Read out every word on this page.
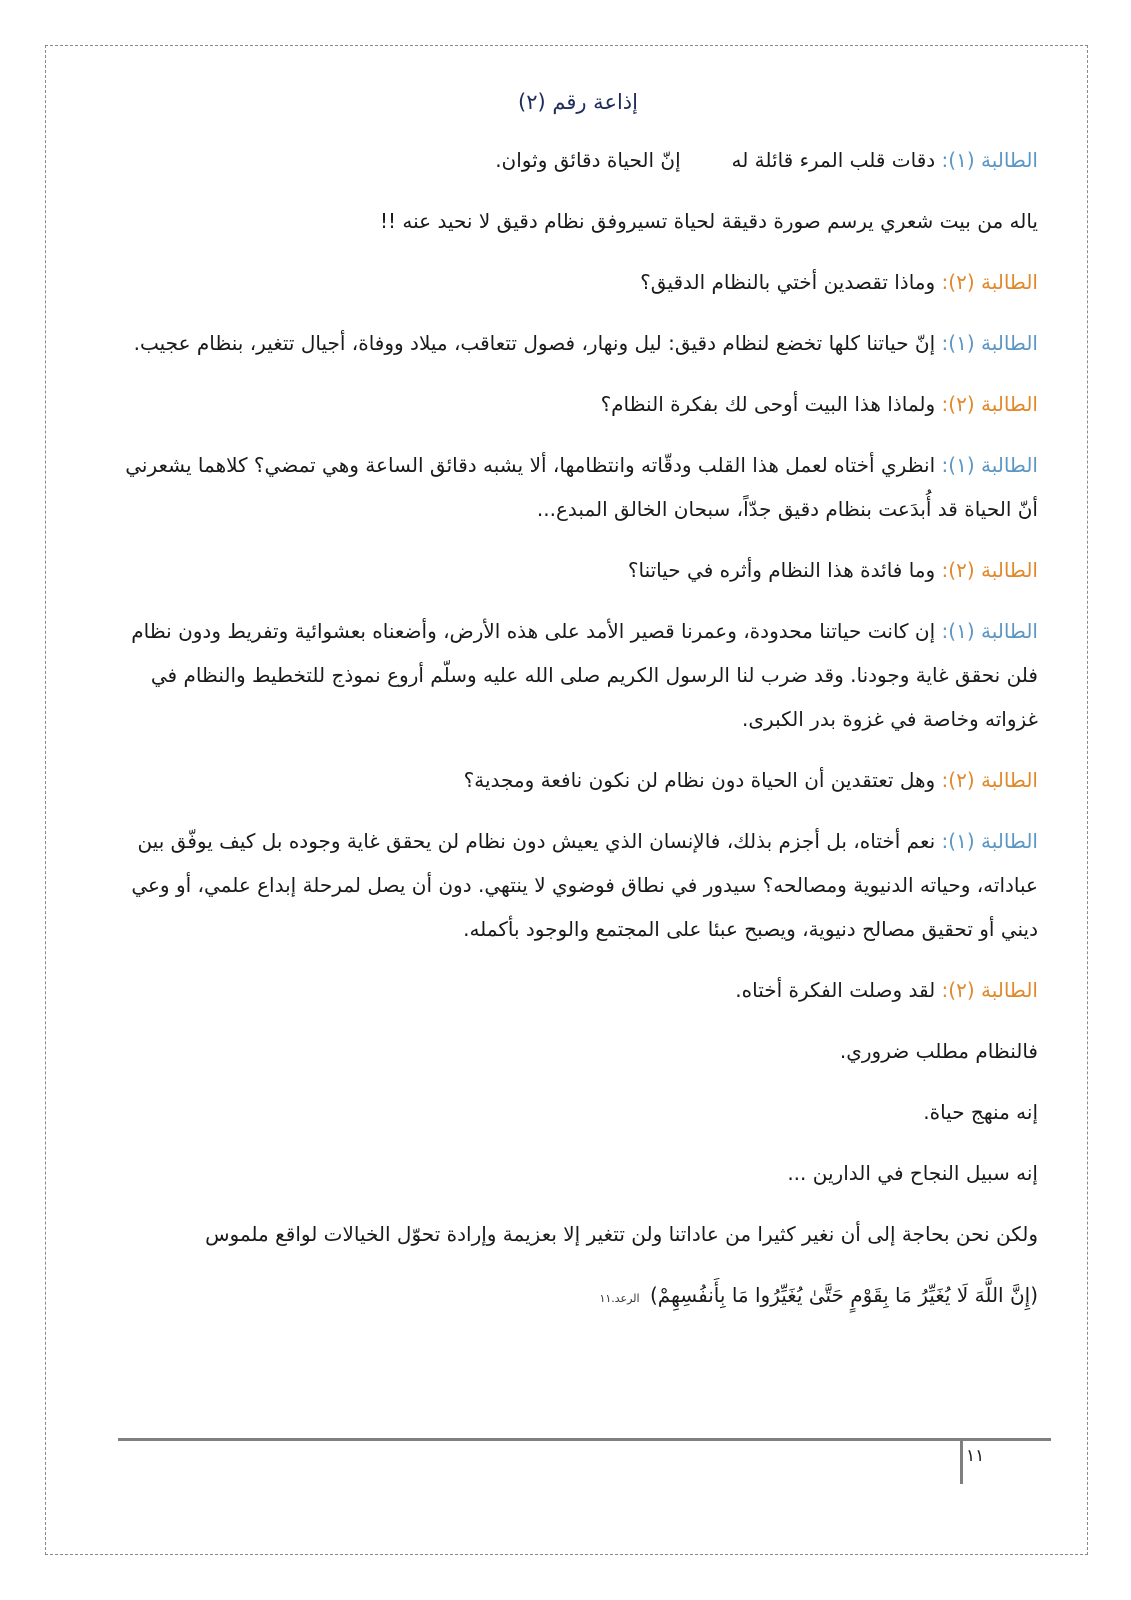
إذاعة رقم (٢)
الطالبة (١): دقات قلب المرء قائلة له        إنّ الحياة دقائق وثوان.
ياله من بيت شعري يرسم صورة دقيقة لحياة تسيروفق نظام دقيق لا نحيد عنه !!
الطالبة (٢): وماذا تقصدين أختي بالنظام الدقيق؟
الطالبة (١): إنّ حياتنا كلها تخضع لنظام دقيق: ليل ونهار، فصول تتعاقب، ميلاد ووفاة، أجيال تتغير، بنظام عجيب.
الطالبة (٢): ولماذا هذا البيت أوحى لك بفكرة النظام؟
الطالبة (١): انظري أختاه لعمل هذا القلب ودقّاته وانتظامها، ألا يشبه دقائق الساعة وهي تمضي؟ كلاهما يشعرني أنّ الحياة قد أُبدَعت بنظام دقيق جدّاً، سبحان الخالق المبدع...
الطالبة (٢): وما فائدة هذا النظام وأثره في حياتنا؟
الطالبة (١): إن كانت حياتنا محدودة، وعمرنا قصير الأمد على هذه الأرض، وأضعناه بعشوائية وتفريط ودون نظام فلن نحقق غاية وجودنا. وقد ضرب لنا الرسول الكريم صلى الله عليه وسلّم أروع نموذج للتخطيط والنظام في غزواته وخاصة في غزوة بدر الكبرى.
الطالبة (٢): وهل تعتقدين أن الحياة دون نظام لن نكون نافعة ومجدية؟
الطالبة (١): نعم أختاه، بل أجزم بذلك، فالإنسان الذي يعيش دون نظام لن يحقق غاية وجوده بل كيف يوفّق بين عباداته، وحياته الدنيوية ومصالحه؟ سيدور في نطاق فوضوي لا ينتهي. دون أن يصل لمرحلة إبداع علمي، أو وعي ديني أو تحقيق مصالح دنيوية، ويصبح عبئا على المجتمع والوجود بأكمله.
الطالبة (٢): لقد وصلت الفكرة أختاه.
فالنظام مطلب ضروري.
إنه منهج حياة.
إنه سبيل النجاح في الدارين ...
ولكن نحن بحاجة إلى أن نغير كثيرا من عاداتنا ولن تتغير إلا بعزيمة وإرادة تحوّل الخيالات لواقع ملموس
(إِنَّ اللَّهَ لَا يُغَيِّرُ مَا بِقَوْمٍ حَتَّىٰ يُغَيِّرُوا مَا بِأَنفُسِهِمْ) الرعد.١١
١١
